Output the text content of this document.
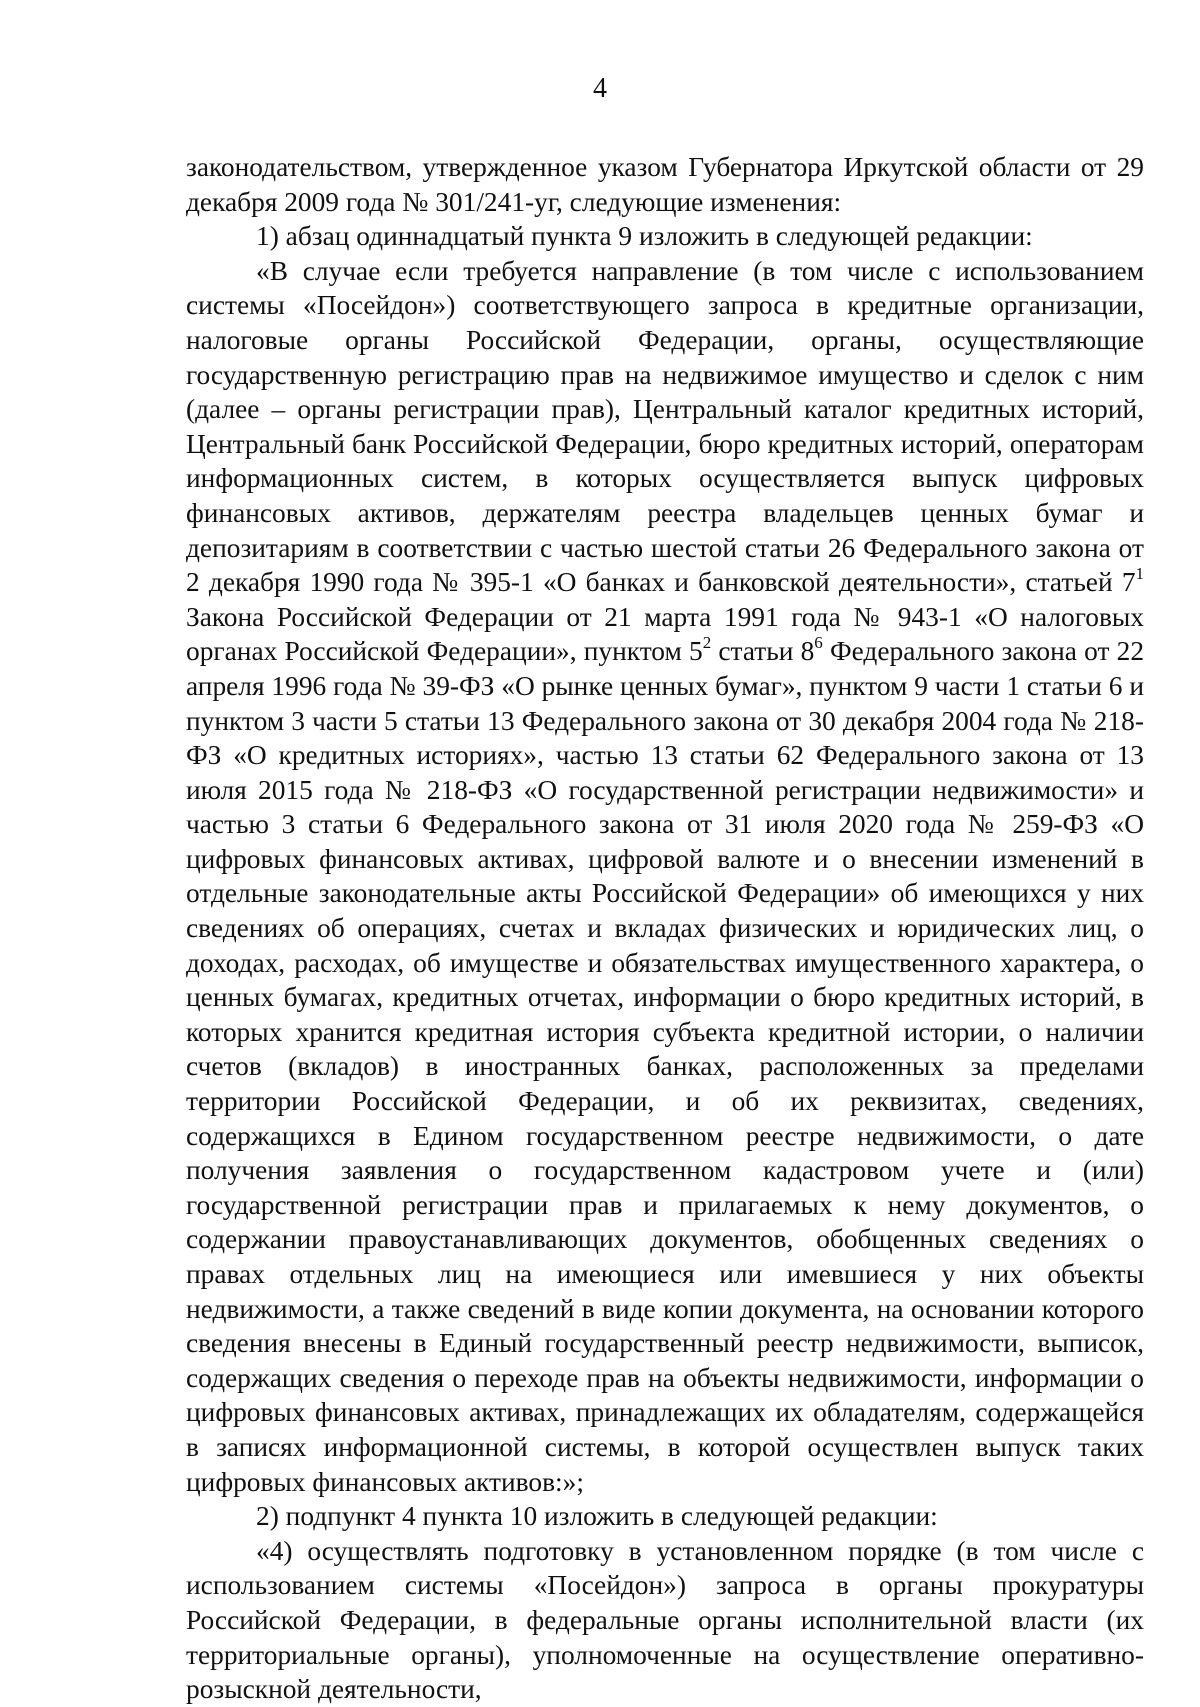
4

законодательством, утвержденное указом Губернатора Иркутской области от 29 декабря 2009 года № 301/241-уг, следующие изменения:

1) абзац одиннадцатый пункта 9 изложить в следующей редакции:

«В случае если требуется направление (в том числе с использованием системы «Посейдон») соответствующего запроса в кредитные организации, налоговые органы Российской Федерации, органы, осуществляющие государственную регистрацию прав на недвижимое имущество и сделок с ним (далее – органы регистрации прав), Центральный каталог кредитных историй, Центральный банк Российской Федерации, бюро кредитных историй, операторам информационных систем, в которых осуществляется выпуск цифровых финансовых активов, держателям реестра владельцев ценных бумаг и депозитариям в соответствии с частью шестой статьи 26 Федерального закона от 2 декабря 1990 года № 395-1 «О банках и банковской деятельности», статьей $7^1$ Закона Российской Федерации от 21 марта 1991 года № 943-1 «О налоговых органах Российской Федерации», пунктом $5^2$ статьи $8^6$ Федерального закона от 22 апреля 1996 года № 39-ФЗ «О рынке ценных бумаг», пунктом 9 части 1 статьи 6 и пунктом 3 части 5 статьи 13 Федерального закона от 30 декабря 2004 года № 218-ФЗ «О кредитных историях», частью 13 статьи 62 Федерального закона от 13 июля 2015 года № 218-ФЗ «О государственной регистрации недвижимости» и частью 3 статьи 6 Федерального закона от 31 июля 2020 года № 259-ФЗ «О цифровых финансовых активах, цифровой валюте и о внесении изменений в отдельные законодательные акты Российской Федерации» об имеющихся у них сведениях об операциях, счетах и вкладах физических и юридических лиц, о доходах, расходах, об имуществе и обязательствах имущественного характера, о ценных бумагах, кредитных отчетах, информации о бюро кредитных историй, в которых хранится кредитная история субъекта кредитной истории, о наличии счетов (вкладов) в иностранных банках, расположенных за пределами территории Российской Федерации, и об их реквизитах, сведениях, содержащихся в Едином государственном реестре недвижимости, о дате получения заявления о государственном кадастровом учете и (или) государственной регистрации прав и прилагаемых к нему документов, о содержании правоустанавливающих документов, обобщенных сведениях о правах отдельных лиц на имеющиеся или имевшиеся у них объекты недвижимости, а также сведений в виде копии документа, на основании которого сведения внесены в Единый государственный реестр недвижимости, выписок, содержащих сведения о переходе прав на объекты недвижимости, информации о цифровых финансовых активах, принадлежащих их обладателям, содержащейся в записях информационной системы, в которой осуществлен выпуск таких цифровых финансовых активов:»;

2) подпункт 4 пункта 10 изложить в следующей редакции:

«4) осуществлять подготовку в установленном порядке (в том числе с использованием системы «Посейдон») запроса в органы прокуратуры Российской Федерации, в федеральные органы исполнительной власти (их территориальные органы), уполномоченные на осуществление оперативно-розыскной деятельности,
